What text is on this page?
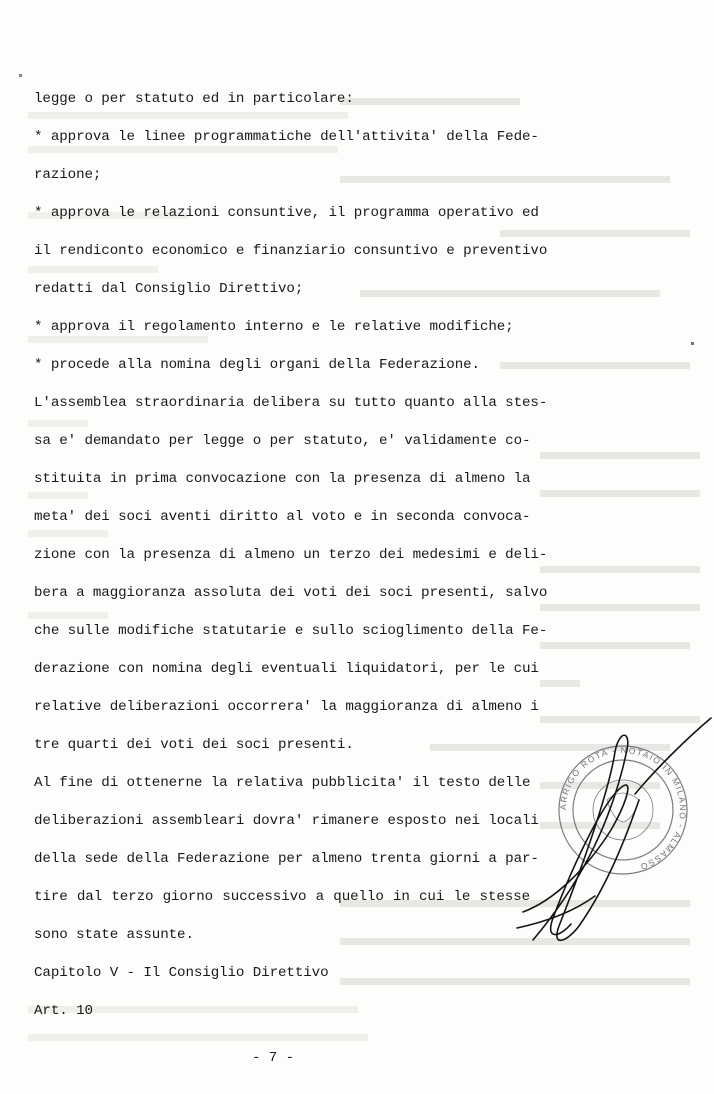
legge o per statuto ed in particolare:
* approva le linee programmatiche dell'attivita' della Fede-
razione;
* approva le relazioni consuntive, il programma operativo ed
il rendiconto economico e finanziario consuntivo e preventivo
redatti dal Consiglio Direttivo;
* approva il regolamento interno e le relative modifiche;
* procede alla nomina degli organi della Federazione.
L'assemblea straordinaria delibera su tutto quanto alla stes-
sa e' demandato per legge o per statuto, e' validamente co-
stituita in prima convocazione con la presenza di almeno la
meta' dei soci aventi diritto al voto e in seconda convoca-
zione con la presenza di almeno un terzo dei medesimi e deli-
bera a maggioranza assoluta dei voti dei soci presenti, salvo
che sulle modifiche statutarie e sullo scioglimento della Fe-
derazione con nomina degli eventuali liquidatori, per le cui
relative deliberazioni occorrera' la maggioranza di almeno i
tre quarti dei voti dei soci presenti.
Al fine di ottenerne la relativa pubblicita' il testo delle
deliberazioni assembleari dovra' rimanere esposto nei locali
della sede della Federazione per almeno trenta giorni a par-
tire dal terzo giorno successivo a quello in cui le stesse
sono state assunte.
Capitolo V - Il Consiglio Direttivo
Art. 10
- 7 -
ARRIGO ROTA - NOTAIO IN MILANO - ALMASSO
